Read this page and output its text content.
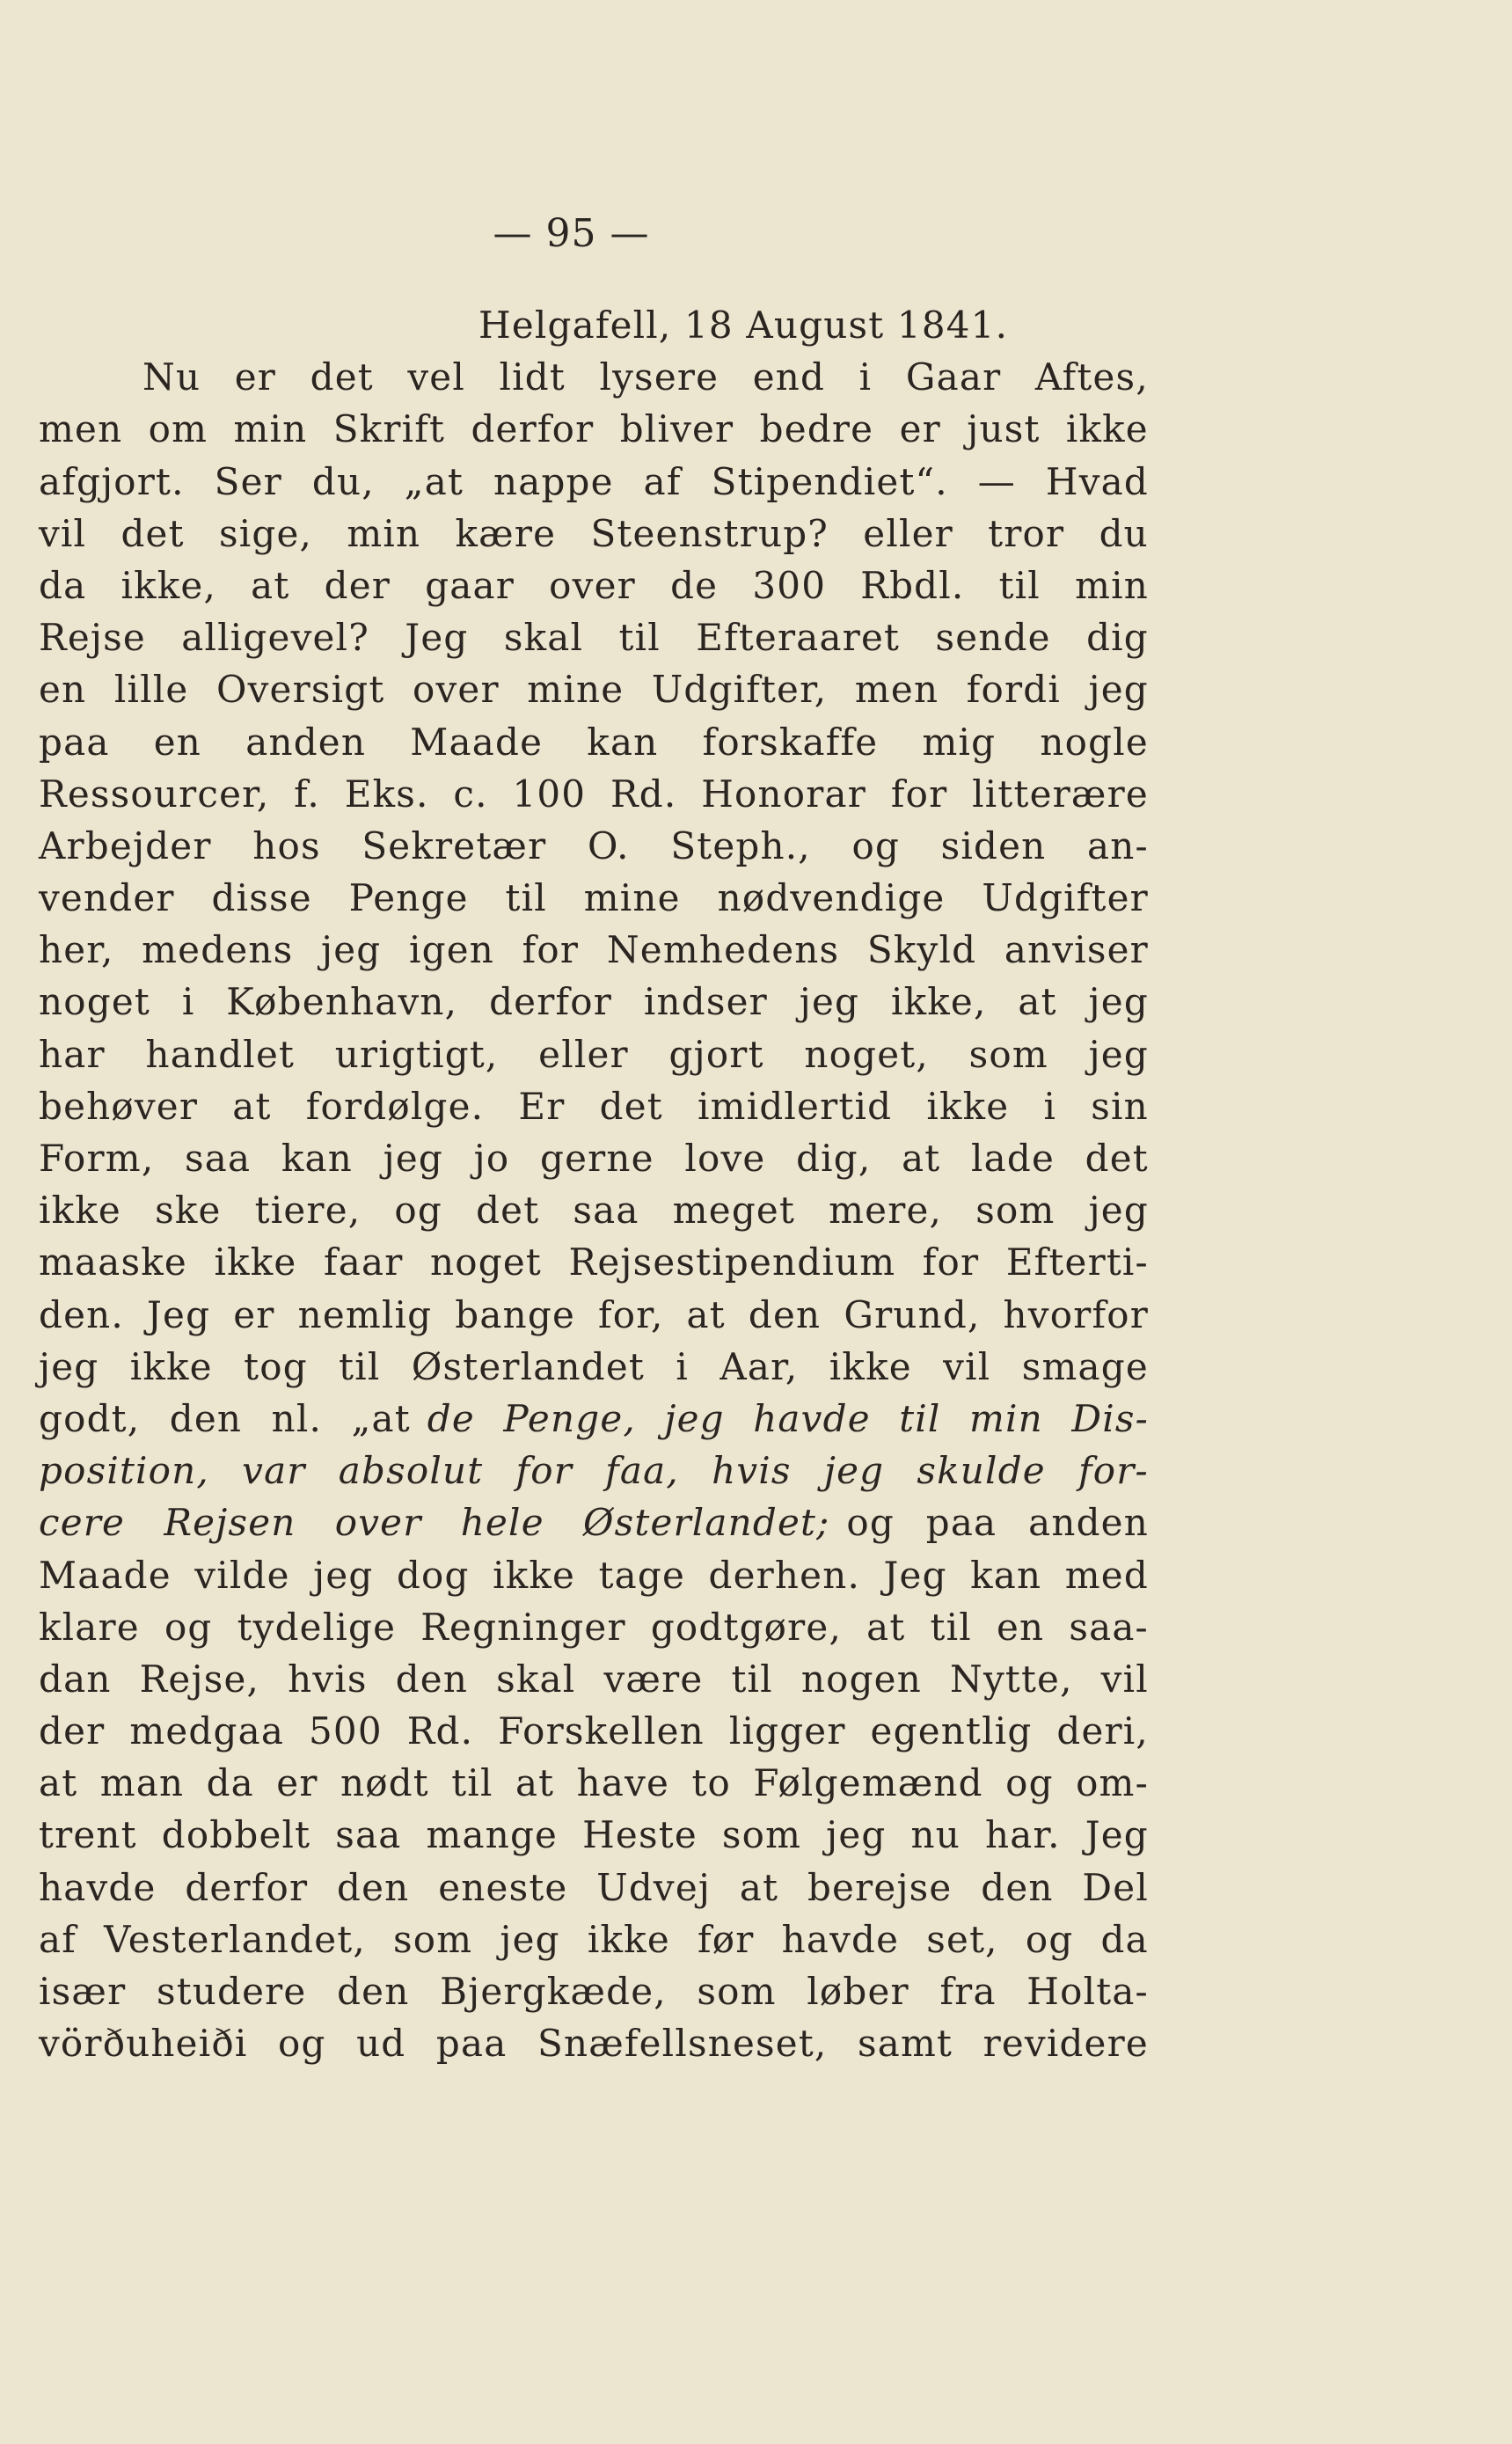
— 95 —
Helgafell, 18 August 1841.
Nu er det vel lidt lysere end i Gaar Aftes,
men om min Skrift derfor bliver bedre er just ikke
afgjort. Ser du, „at nappe af Stipendiet“. — Hvad
vil det sige, min kære Steenstrup? eller tror du
da ikke, at der gaar over de 300 Rbdl. til min
Rejse alligevel? Jeg skal til Efteraaret sende dig
en lille Oversigt over mine Udgifter, men fordi jeg
paa en anden Maade kan forskaffe mig nogle
Ressourcer, f. Eks. c. 100 Rd. Honorar for litterære
Arbejder hos Sekretær O. Steph., og siden an-
vender disse Penge til mine nødvendige Udgifter
her, medens jeg igen for Nemhedens Skyld anviser
noget i København, derfor indser jeg ikke, at jeg
har handlet urigtigt, eller gjort noget, som jeg
behøver at fordølge. Er det imidlertid ikke i sin
Form, saa kan jeg jo gerne love dig, at lade det
ikke ske tiere, og det saa meget mere, som jeg
maaske ikke faar noget Rejsestipendium for Efterti-
den. Jeg er nemlig bange for, at den Grund, hvorfor
jeg ikke tog til Østerlandet i Aar, ikke vil smage
godt, den nl. „at de Penge, jeg havde til min Dis-
position, var absolut for faa, hvis jeg skulde for-
cere Rejsen over hele Østerlandet; og paa anden
Maade vilde jeg dog ikke tage derhen. Jeg kan med
klare og tydelige Regninger godtgøre, at til en saa-
dan Rejse, hvis den skal være til nogen Nytte, vil
der medgaa 500 Rd. Forskellen ligger egentlig deri,
at man da er nødt til at have to Følgemænd og om-
trent dobbelt saa mange Heste som jeg nu har. Jeg
havde derfor den eneste Udvej at berejse den Del
af Vesterlandet, som jeg ikke før havde set, og da
især studere den Bjergkæde, som løber fra Holta-
vörðuheiði og ud paa Snæfellsneset, samt revidere
